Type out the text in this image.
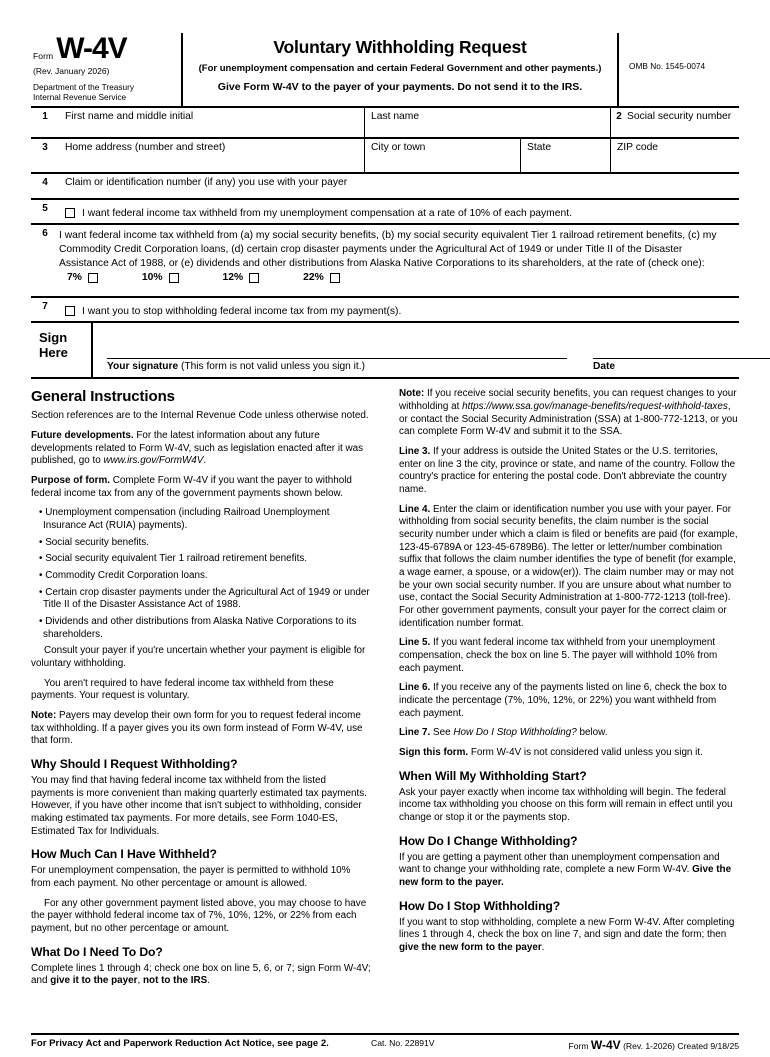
Form W-4V
(Rev. January 2026)
Department of the Treasury
Internal Revenue Service
Voluntary Withholding Request
(For unemployment compensation and certain Federal Government and other payments.)
Give Form W-4V to the payer of your payments. Do not send it to the IRS.
OMB No. 1545-0074
1	First name and middle initial	Last name	2 Social security number
3	Home address (number and street)	City or town	State	ZIP code
4	Claim or identification number (if any) you use with your payer
5	I want federal income tax withheld from my unemployment compensation at a rate of 10% of each payment.
6	I want federal income tax withheld from (a) my social security benefits, (b) my social security equivalent Tier 1 railroad retirement benefits, (c) my Commodity Credit Corporation loans, (d) certain crop disaster payments under the Agricultural Act of 1949 or under Title II of the Disaster Assistance Act of 1988, or (e) dividends and other distributions from Alaska Native Corporations to its shareholders, at the rate of (check one):
7%	10%	12%	22%
7	I want you to stop withholding federal income tax from my payment(s).
Sign
Here
Your signature (This form is not valid unless you sign it.)	Date
General Instructions

Section references are to the Internal Revenue Code unless otherwise noted.

Future developments. For the latest information about any future developments related to Form W-4V, such as legislation enacted after it was published, go to www.irs.gov/FormW4V.

Purpose of form. Complete Form W-4V if you want the payer to withhold federal income tax from any of the government payments shown below.

• Unemployment compensation (including Railroad Unemployment Insurance Act (RUIA) payments).

• Social security benefits.

• Social security equivalent Tier 1 railroad retirement benefits.

• Commodity Credit Corporation loans.

• Certain crop disaster payments under the Agricultural Act of 1949 or under Title II of the Disaster Assistance Act of 1988.

• Dividends and other distributions from Alaska Native Corporations to its shareholders.

Consult your payer if you're uncertain whether your payment is eligible for voluntary withholding.

You aren't required to have federal income tax withheld from these payments. Your request is voluntary.

Note: Payers may develop their own form for you to request federal income tax withholding. If a payer gives you its own form instead of Form W-4V, use that form.

Why Should I Request Withholding?

You may find that having federal income tax withheld from the listed payments is more convenient than making quarterly estimated tax payments. However, if you have other income that isn't subject to withholding, consider making estimated tax payments. For more details, see Form 1040-ES, Estimated Tax for Individuals.

How Much Can I Have Withheld?

For unemployment compensation, the payer is permitted to withhold 10% from each payment. No other percentage or amount is allowed.

For any other government payment listed above, you may choose to have the payer withhold federal income tax of 7%, 10%, 12%, or 22% from each payment, but no other percentage or amount.

What Do I Need To Do?

Complete lines 1 through 4; check one box on line 5, 6, or 7; sign Form W-4V; and give it to the payer, not to the IRS.

Note: If you receive social security benefits, you can request changes to your withholding at https://www.ssa.gov/manage-benefits/request-withhold-taxes, or contact the Social Security Administration (SSA) at 1-800-772-1213, or you can complete Form W-4V and submit it to the SSA.

Line 3. If your address is outside the United States or the U.S. territories, enter on line 3 the city, province or state, and name of the country. Follow the country's practice for entering the postal code. Don't abbreviate the country name.

Line 4. Enter the claim or identification number you use with your payer. For withholding from social security benefits, the claim number is the social security number under which a claim is filed or benefits are paid (for example, 123-45-6789A or 123-45-6789B6). The letter or letter/number combination suffix that follows the claim number identifies the type of benefit (for example, a wage earner, a spouse, or a widow(er)). The claim number may or may not be your own social security number. If you are unsure about what number to use, contact the Social Security Administration at 1-800-772-1213 (toll-free). For other government payments, consult your payer for the correct claim or identification number format.

Line 5. If you want federal income tax withheld from your unemployment compensation, check the box on line 5. The payer will withhold 10% from each payment.

Line 6. If you receive any of the payments listed on line 6, check the box to indicate the percentage (7%, 10%, 12%, or 22%) you want withheld from each payment.

Line 7. See How Do I Stop Withholding? below.

Sign this form. Form W-4V is not considered valid unless you sign it.

When Will My Withholding Start?

Ask your payer exactly when income tax withholding will begin. The federal income tax withholding you choose on this form will remain in effect until you change or stop it or the payments stop.

How Do I Change Withholding?

If you are getting a payment other than unemployment compensation and want to change your withholding rate, complete a new Form W-4V. Give the new form to the payer.

How Do I Stop Withholding?

If you want to stop withholding, complete a new Form W-4V. After completing lines 1 through 4, check the box on line 7, and sign and date the form; then give the new form to the payer.

For Privacy Act and Paperwork Reduction Act Notice, see page 2.	Cat. No. 22891V	Form W-4V (Rev. 1-2026) Created 9/18/25
